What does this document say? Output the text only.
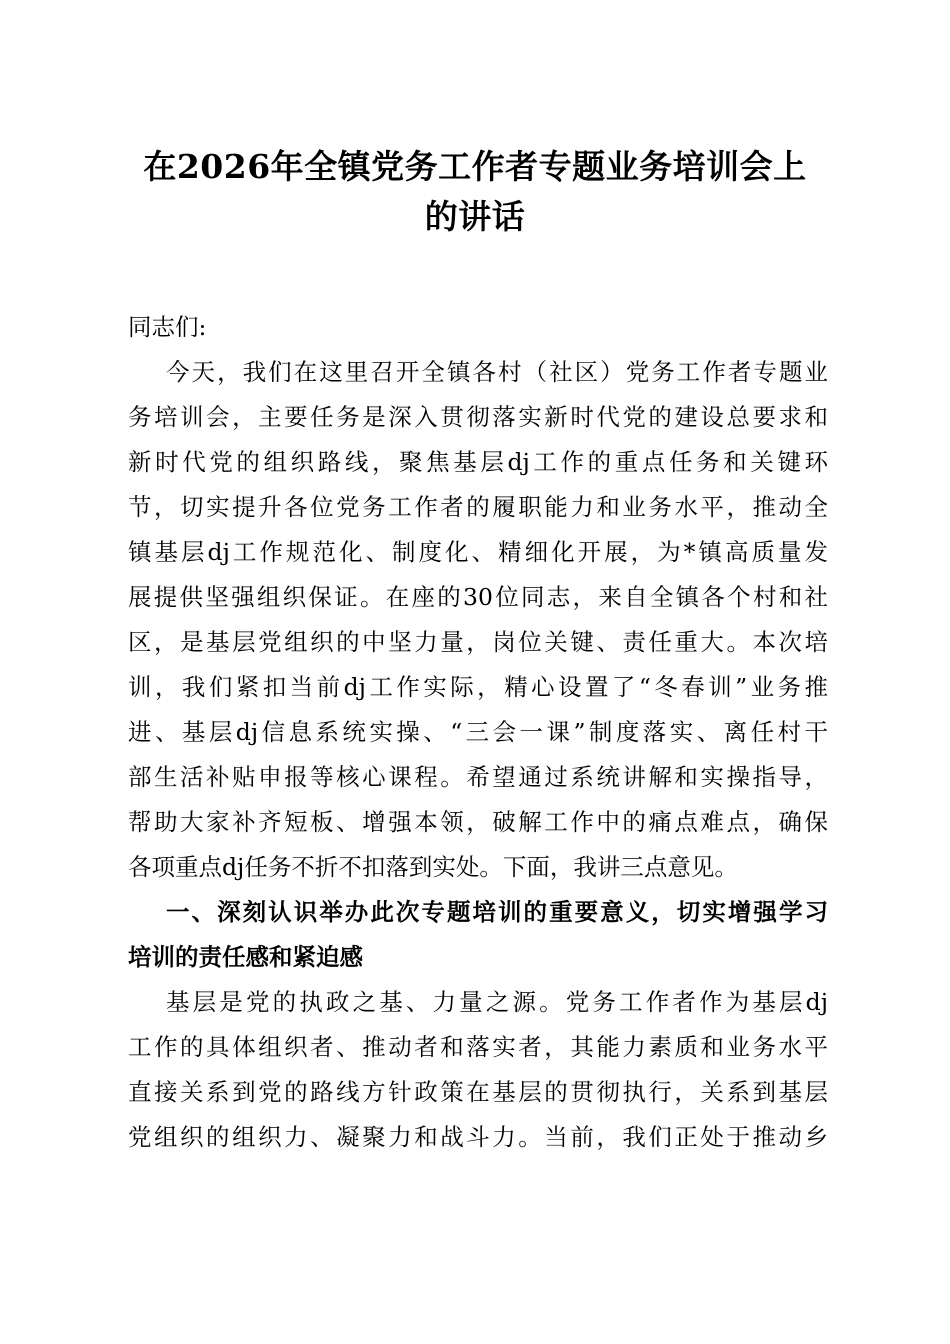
在2026年全镇党务工作者专题业务培训会上
的讲话
同志们:
今天，我们在这里召开全镇各村（社区）党务工作者专题业
务培训会，主要任务是深入贯彻落实新时代党的建设总要求和
新时代党的组织路线，聚焦基层dj工作的重点任务和关键环
节，切实提升各位党务工作者的履职能力和业务水平，推动全
镇基层dj工作规范化、制度化、精细化开展，为*镇高质量发
展提供坚强组织保证。在座的30位同志，来自全镇各个村和社
区，是基层党组织的中坚力量，岗位关键、责任重大。本次培
训，我们紧扣当前dj工作实际，精心设置了“冬春训”业务推
进、基层dj信息系统实操、“三会一课”制度落实、离任村干
部生活补贴申报等核心课程。希望通过系统讲解和实操指导，
帮助大家补齐短板、增强本领，破解工作中的痛点难点，确保
各项重点dj任务不折不扣落到实处。下面，我讲三点意见。
一、深刻认识举办此次专题培训的重要意义，切实增强学习
培训的责任感和紧迫感
基层是党的执政之基、力量之源。党务工作者作为基层dj
工作的具体组织者、推动者和落实者，其能力素质和业务水平
直接关系到党的路线方针政策在基层的贯彻执行，关系到基层
党组织的组织力、凝聚力和战斗力。当前，我们正处于推动乡
